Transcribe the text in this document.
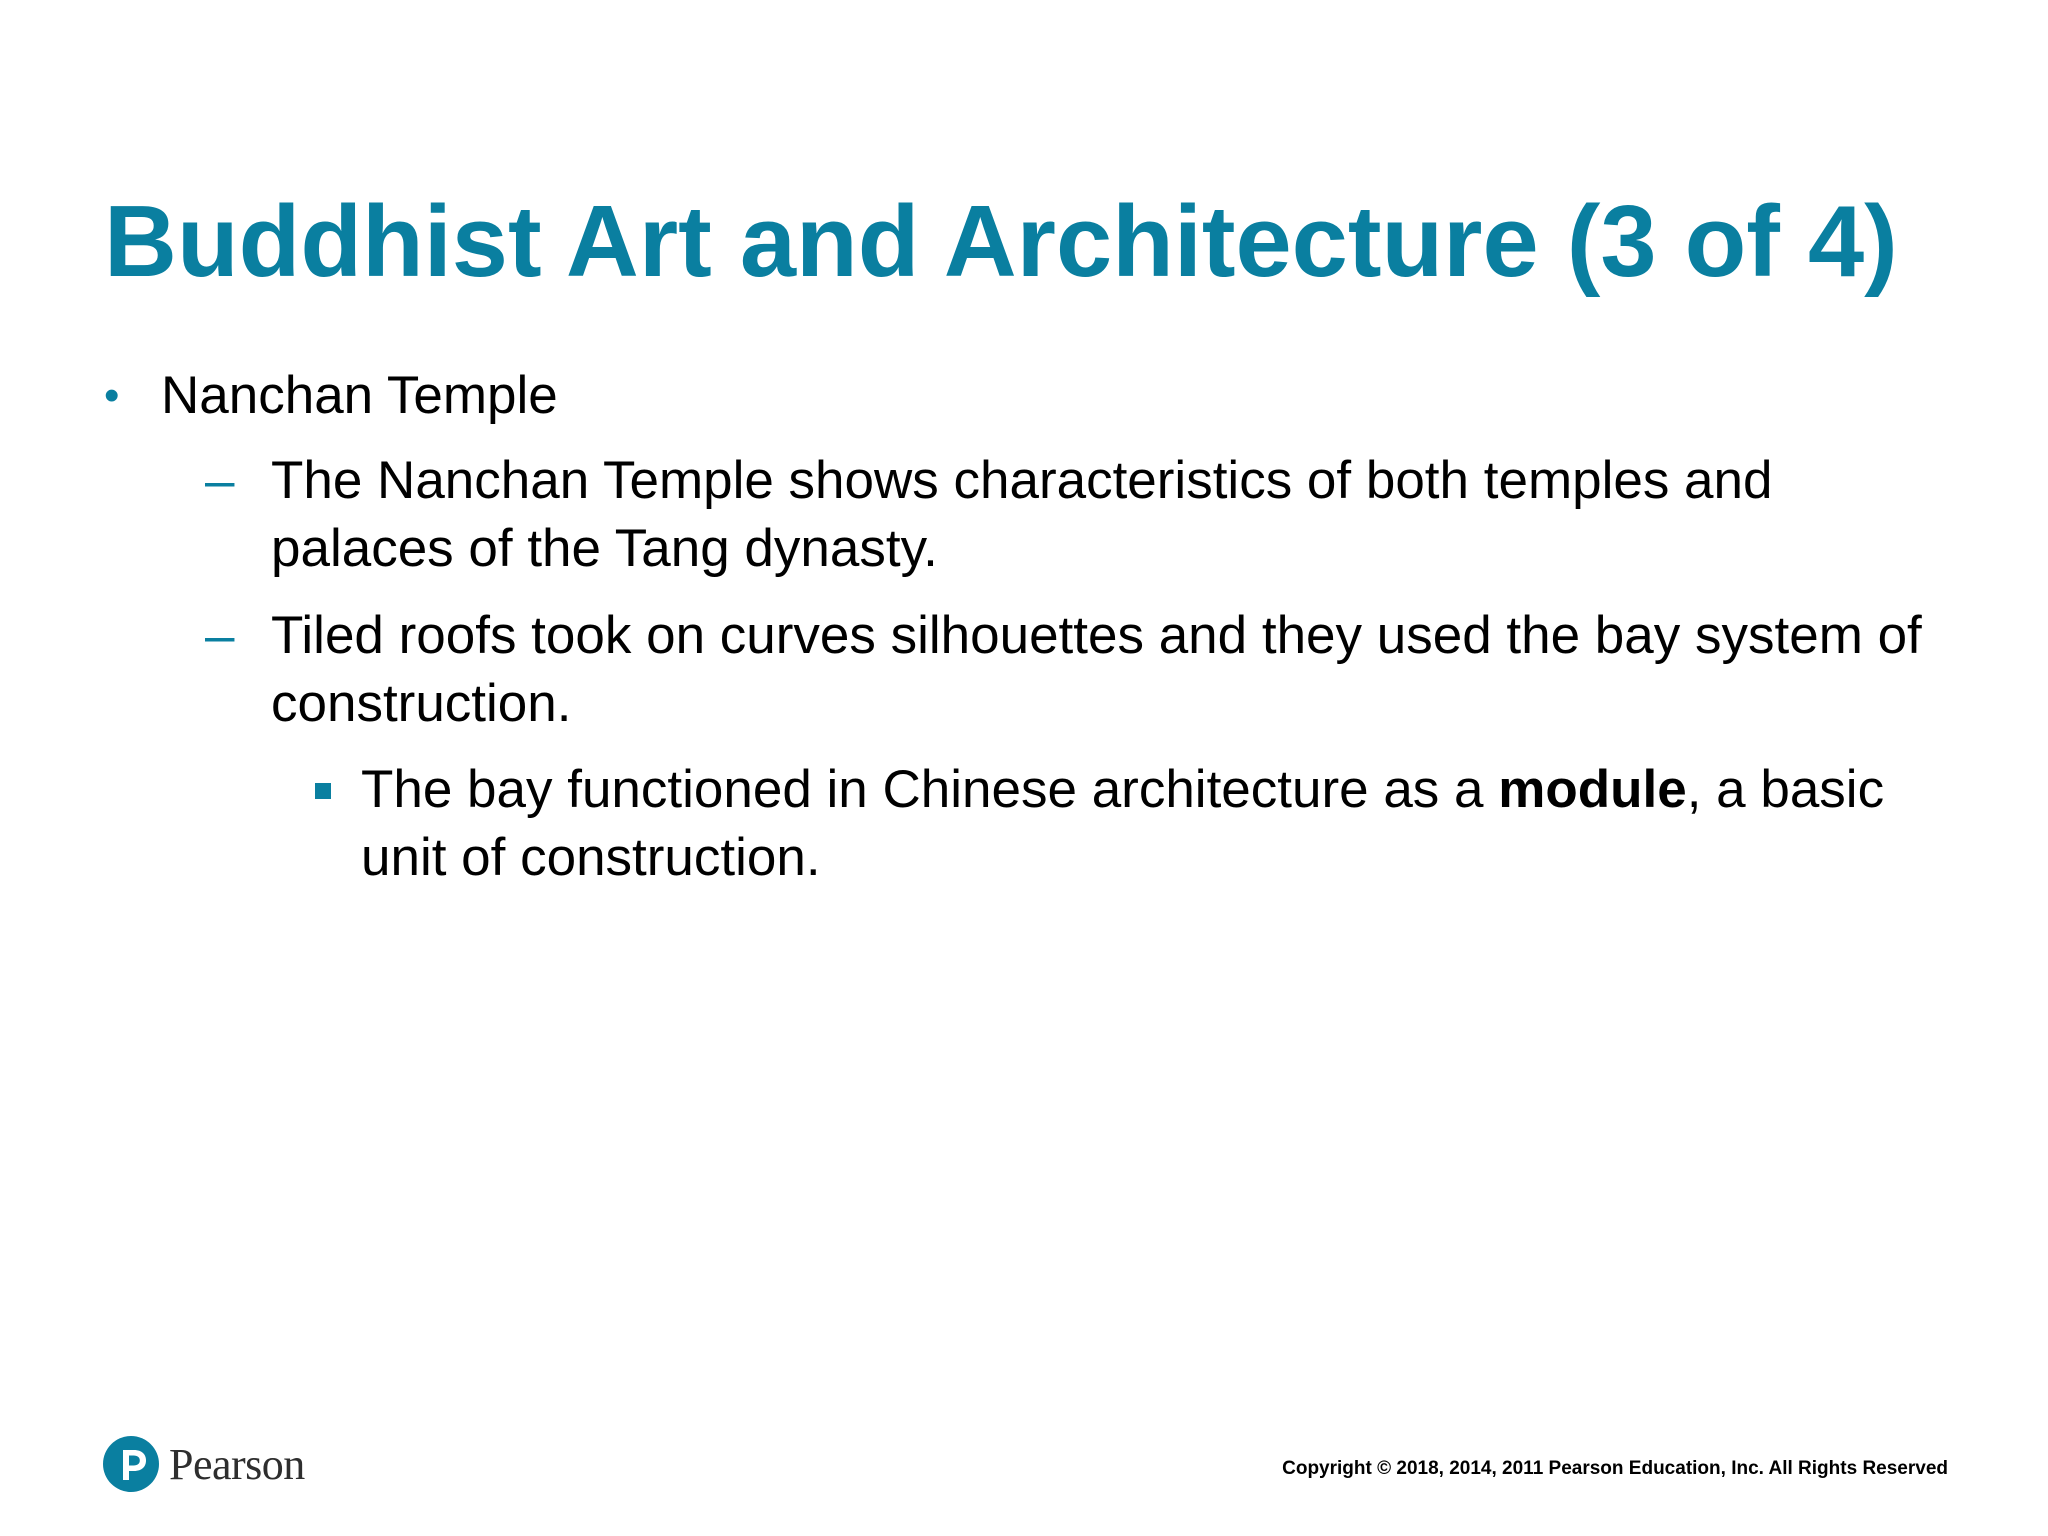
Buddhist Art and Architecture (3 of 4)
• Nanchan Temple
– The Nanchan Temple shows characteristics of both temples and palaces of the Tang dynasty.
– Tiled roofs took on curves silhouettes and they used the bay system of construction.
The bay functioned in Chinese architecture as a module, a basic unit of construction.
Pearson	Copyright © 2018, 2014, 2011 Pearson Education, Inc. All Rights Reserved
